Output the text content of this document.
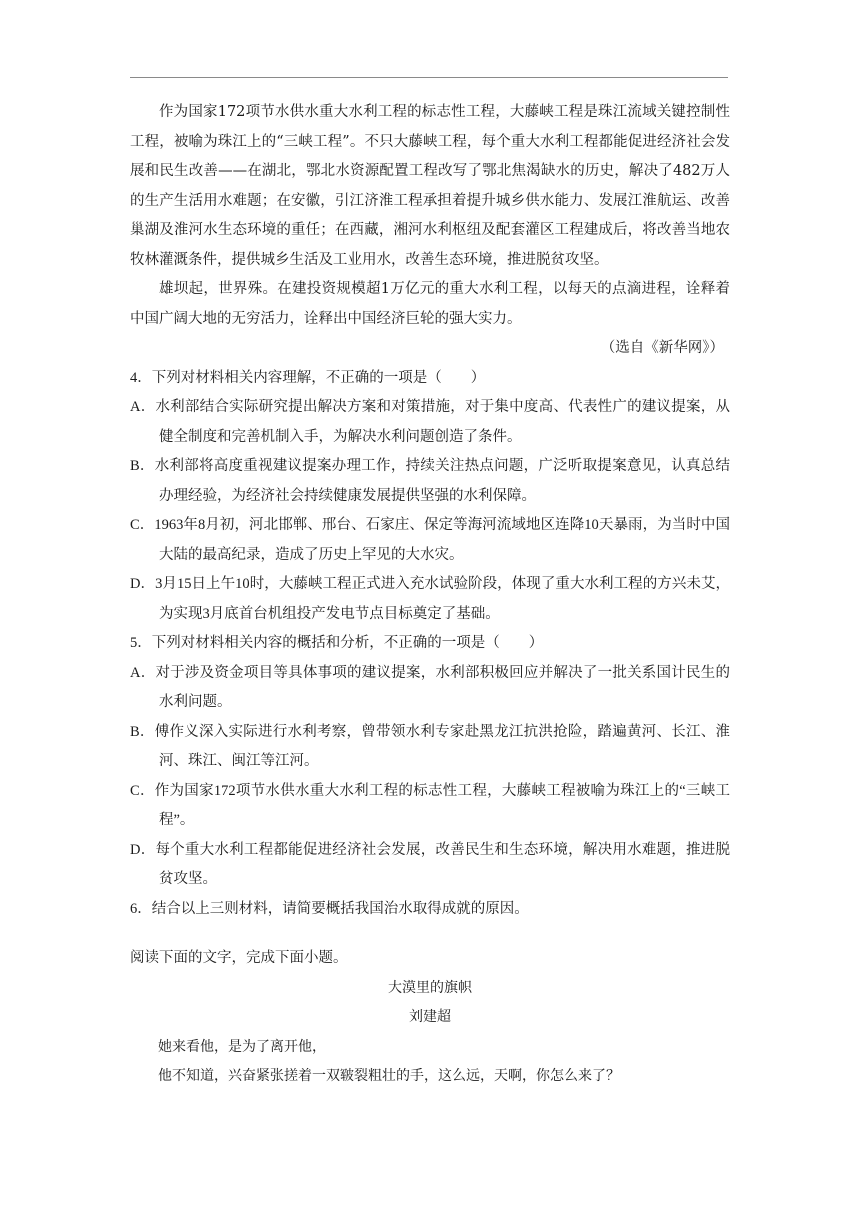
作为国家172项节水供水重大水利工程的标志性工程，大藤峡工程是珠江流域关键控制性工程，被喻为珠江上的“三峡工程”。不只大藤峡工程，每个重大水利工程都能促进经济社会发展和民生改善——在湖北，鄂北水资源配置工程改写了鄂北焦渴缺水的历史，解决了482万人的生产生活用水难题；在安徽，引江济淮工程承担着提升城乡供水能力、发展江淮航运、改善巢湖及淮河水生态环境的重任；在西藏，湘河水利枢纽及配套灌区工程建成后，将改善当地农牧林灌溉条件，提供城乡生活及工业用水，改善生态环境，推进脱贫攻坚。

雄坝起，世界殊。在建投资规模超1万亿元的重大水利工程，以每天的点滴进程，诠释着中国广阔大地的无穷活力，诠释出中国经济巨轮的强大实力。

（选自《新华网》）

4．下列对材料相关内容理解，不正确的一项是（　　）

A．水利部结合实际研究提出解决方案和对策措施，对于集中度高、代表性广的建议提案，从健全制度和完善机制入手，为解决水利问题创造了条件。

B．水利部将高度重视建议提案办理工作，持续关注热点问题，广泛听取提案意见，认真总结办理经验，为经济社会持续健康发展提供坚强的水利保障。

C．1963年8月初，河北邯郸、邢台、石家庄、保定等海河流域地区连降10天暴雨，为当时中国大陆的最高纪录，造成了历史上罕见的大水灾。

D．3月15日上午10时，大藤峡工程正式进入充水试验阶段，体现了重大水利工程的方兴未艾，为实现3月底首台机组投产发电节点目标奠定了基础。

5．下列对材料相关内容的概括和分析，不正确的一项是（　　）

A．对于涉及资金项目等具体事项的建议提案，水利部积极回应并解决了一批关系国计民生的水利问题。

B．傅作义深入实际进行水利考察，曾带领水利专家赴黑龙江抗洪抢险，踏遍黄河、长江、淮河、珠江、闽江等江河。

C．作为国家172项节水供水重大水利工程的标志性工程，大藤峡工程被喻为珠江上的“三峡工程”。

D．每个重大水利工程都能促进经济社会发展，改善民生和生态环境，解决用水难题，推进脱贫攻坚。

6．结合以上三则材料，请简要概括我国治水取得成就的原因。

阅读下面的文字，完成下面小题。

大漠里的旗帜

刘建超

她来看他，是为了离开他，

他不知道，兴奋紧张搓着一双皲裂粗壮的手，这么远，天啊，你怎么来了？
